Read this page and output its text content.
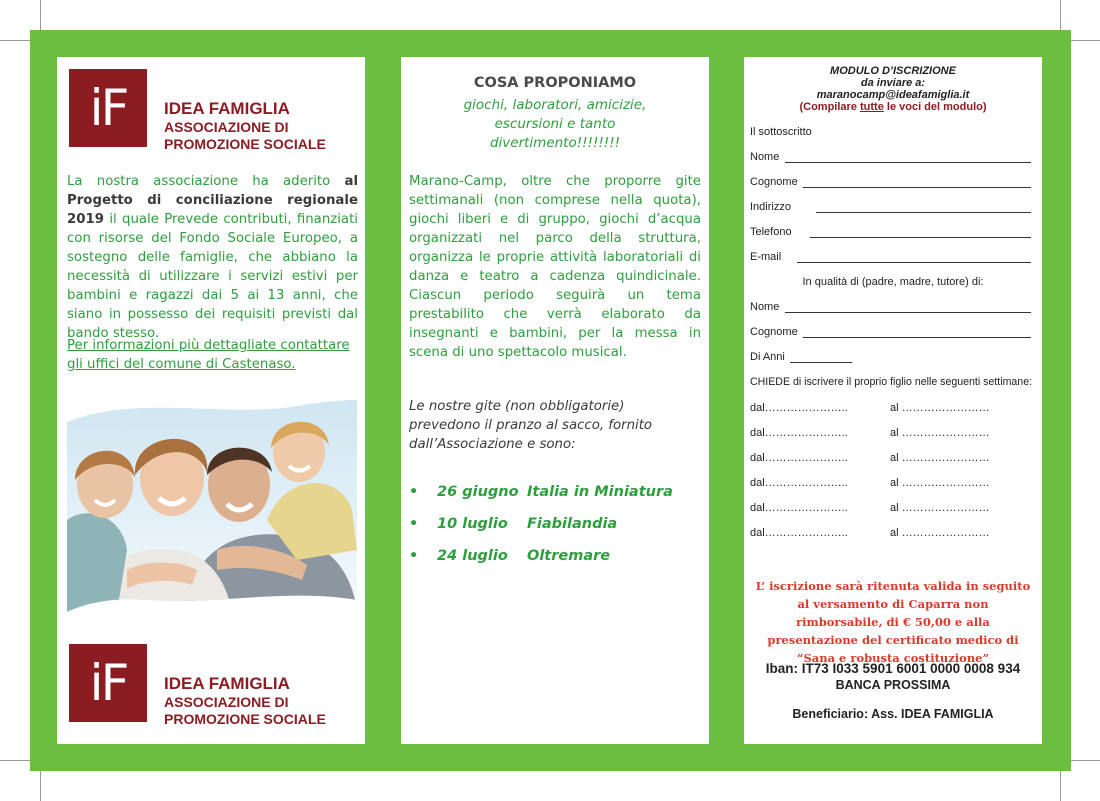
iF	IDEA FAMIGLIA
ASSOCIAZIONE DI PROMOZIONE SOCIALE
La nostra associazione ha aderito al Progetto di conciliazione regionale 2019 il quale Prevede contributi, finanziati con risorse del Fondo Sociale Europeo, a sostegno delle famiglie, che abbiano la necessità di utilizzare i servizi estivi per bambini e ragazzi dai 5 ai 13 anni, che siano in possesso dei requisiti previsti dal bando stesso.
Per informazioni più dettagliate contattare gli uffici del comune di Castenaso.
iF	IDEA FAMIGLIA
ASSOCIAZIONE DI PROMOZIONE SOCIALE
COSA PROPONIAMO
giochi, laboratori, amicizie, escursioni e tanto divertimento!!!!!!!!
Marano-Camp, oltre che proporre gite settimanali (non comprese nella quota), giochi liberi e di gruppo, giochi d’acqua organizzati nel parco della struttura, organizza le proprie attività laboratoriali di danza e teatro a cadenza quindicinale. Ciascun periodo seguirà un tema prestabilito che verrà elaborato da insegnanti e bambini, per la messa in scena di uno spettacolo musical.
Le nostre gite (non obbligatorie) prevedono il pranzo al sacco, fornito dall’Associazione e sono:
• 26 giugno Italia in Miniatura
• 10 luglio Fiabilandia
• 24 luglio Oltremare
MODULO D’ISCRIZIONE
da inviare a:
maranocamp@ideafamiglia.it
(Compilare tutte le voci del modulo)
Il sottoscritto
Nome
Cognome
Indirizzo
Telefono
E-mail
In qualità di (padre, madre, tutore) di:
Nome
Cognome
Di Anni
CHIEDE di iscrivere il proprio figlio nelle seguenti settimane:
dal…………………..	al ……………………
dal…………………..	al ……………………
dal…………………..	al ……………………
dal…………………..	al ……………………
dal…………………..	al ……………………
dal…………………..	al ……………………
L’ iscrizione sarà ritenuta valida in seguito al versamento di Caparra non rimborsabile, di € 50,00 e alla presentazione del certificato medico di “Sana e robusta costituzione”
Iban: IT73 I033 5901 6001 0000 0008 934
BANCA PROSSIMA
Beneficiario: Ass. IDEA FAMIGLIA
